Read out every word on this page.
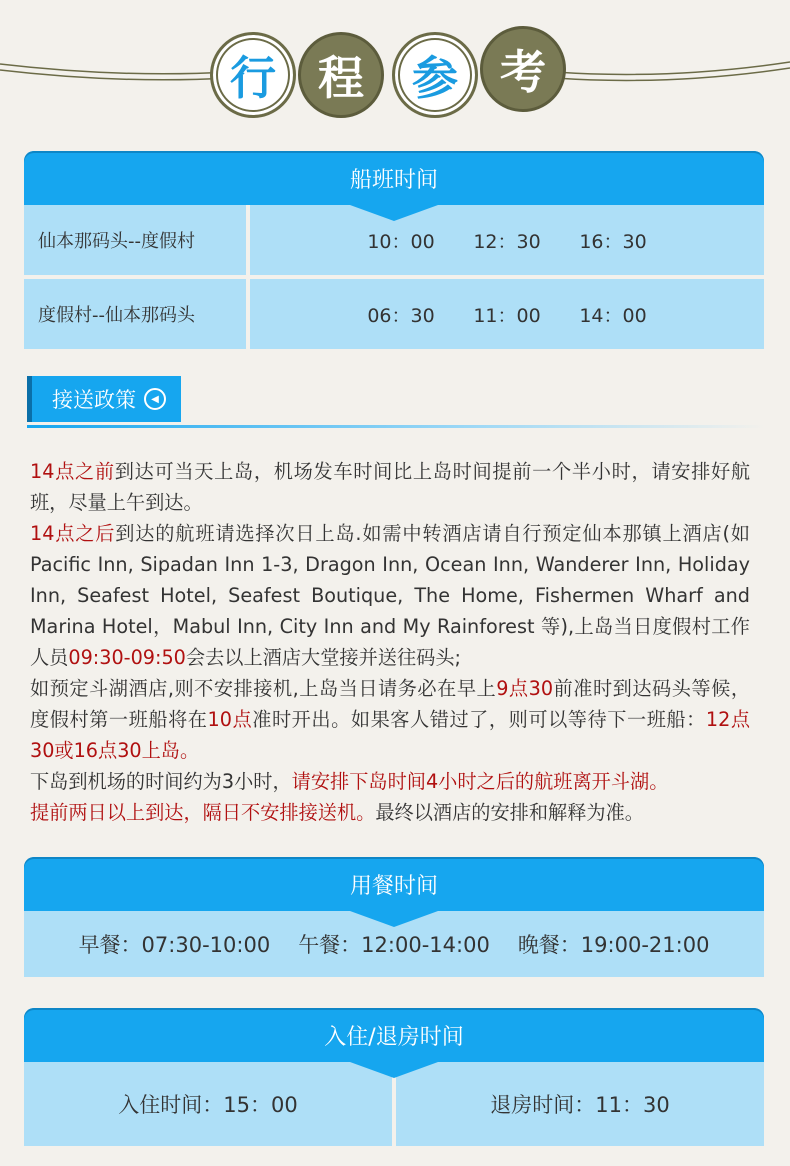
行 程	参 考
船班时间
仙本那码头--度假村	10：00	12：30	16：30
度假村--仙本那码头	06：30	11：00	14：00
接送政策	◀

14点之前到达可当天上岛，机场发车时间比上岛时间提前一个半小时，请安排好航班，尽量上午到达。

14点之后到达的航班请选择次日上岛.如需中转酒店请自行预定仙本那镇上酒店(如Pacific Inn, Sipadan Inn 1-3, Dragon Inn, Ocean Inn, Wanderer Inn, Holiday Inn, Seafest Hotel, Seafest Boutique, The Home, Fishermen Wharf and Marina Hotel，Mabul Inn, City Inn and My Rainforest 等),上岛当日度假村工作人员09:30-09:50会去以上酒店大堂接并送往码头;

如预定斗湖酒店,则不安排接机,上岛当日请务必在早上9点30前准时到达码头等候，度假村第一班船将在10点准时开出。如果客人错过了，则可以等待下一班船：12点30或16点30上岛。

下岛到机场的时间约为3小时，请安排下岛时间4小时之后的航班离开斗湖。

提前两日以上到达，隔日不安排接送机。最终以酒店的安排和解释为准。

用餐时间
早餐：07:30-10:00 午餐：12:00-14:00 晚餐：19:00-21:00
入住/退房时间
入住时间：15：00	退房时间：11：30
